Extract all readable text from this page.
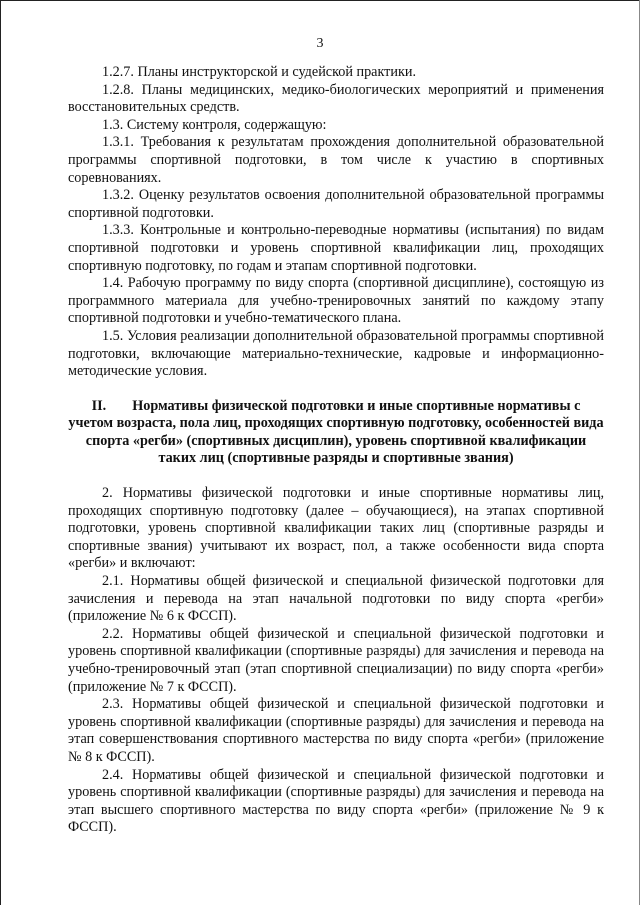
3

1.2.7. Планы инструкторской и судейской практики.

1.2.8. Планы медицинских, медико-биологических мероприятий и применения восстановительных средств.

1.3. Систему контроля, содержащую:

1.3.1. Требования к результатам прохождения дополнительной образовательной программы спортивной подготовки, в том числе к участию в спортивных соревнованиях.

1.3.2. Оценку результатов освоения дополнительной образовательной программы спортивной подготовки.

1.3.3. Контрольные и контрольно-переводные нормативы (испытания) по видам спортивной подготовки и уровень спортивной квалификации лиц, проходящих спортивную подготовку, по годам и этапам спортивной подготовки.

1.4. Рабочую программу по виду спорта (спортивной дисциплине), состоящую из программного материала для учебно-тренировочных занятий по каждому этапу спортивной подготовки и учебно-тематического плана.

1.5. Условия реализации дополнительной образовательной программы спортивной подготовки, включающие материально-технические, кадровые и информационно-методические условия.

II. Нормативы физической подготовки и иные спортивные нормативы с учетом возраста, пола лиц, проходящих спортивную подготовку, особенностей вида спорта «регби» (спортивных дисциплин), уровень спортивной квалификации таких лиц (спортивные разряды и спортивные звания)

2. Нормативы физической подготовки и иные спортивные нормативы лиц, проходящих спортивную подготовку (далее – обучающиеся), на этапах спортивной подготовки, уровень спортивной квалификации таких лиц (спортивные разряды и спортивные звания) учитывают их возраст, пол, а также особенности вида спорта «регби» и включают:

2.1. Нормативы общей физической и специальной физической подготовки для зачисления и перевода на этап начальной подготовки по виду спорта «регби» (приложение № 6 к ФССП).

2.2. Нормативы общей физической и специальной физической подготовки и уровень спортивной квалификации (спортивные разряды) для зачисления и перевода на учебно-тренировочный этап (этап спортивной специализации) по виду спорта «регби» (приложение № 7 к ФССП).

2.3. Нормативы общей физической и специальной физической подготовки и уровень спортивной квалификации (спортивные разряды) для зачисления и перевода на этап совершенствования спортивного мастерства по виду спорта «регби» (приложение № 8 к ФССП).

2.4. Нормативы общей физической и специальной физической подготовки и уровень спортивной квалификации (спортивные разряды) для зачисления и перевода на этап высшего спортивного мастерства по виду спорта «регби» (приложение № 9 к ФССП).
